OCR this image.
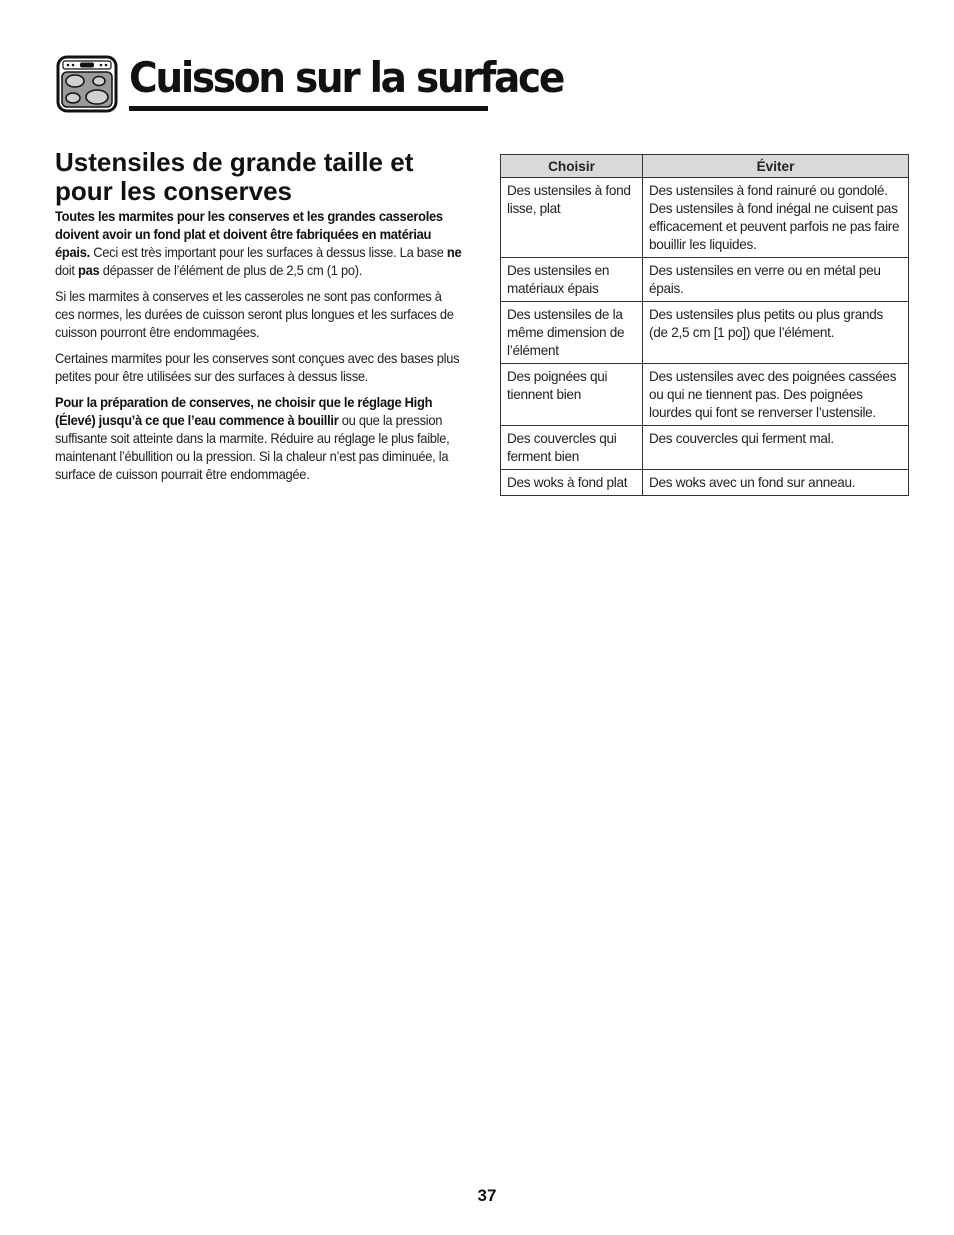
Cuisson sur la surface
Ustensiles de grande taille et pour les conserves

Toutes les marmites pour les conserves et les grandes casseroles doivent avoir un fond plat et doivent être fabriquées en matériau épais. Ceci est très important pour les surfaces à dessus lisse. La base ne doit pas dépasser de l’élément de plus de 2,5 cm (1 po).

Si les marmites à conserves et les casseroles ne sont pas conformes à ces normes, les durées de cuisson seront plus longues et les surfaces de cuisson pourront être endommagées.

Certaines marmites pour les conserves sont conçues avec des bases plus petites pour être utilisées sur des surfaces à dessus lisse.

Pour la préparation de conserves, ne choisir que le réglage High (Élevé) jusqu’à ce que l’eau commence à bouillir ou que la pression suffisante soit atteinte dans la marmite. Réduire au réglage le plus faible, maintenant l’ébullition ou la pression. Si la chaleur n’est pas diminuée, la surface de cuisson pourrait être endommagée.

Choisir	Éviter
Des ustensiles à fond lisse, plat	Des ustensiles à fond rainuré ou gondolé. Des ustensiles à fond inégal ne cuisent pas efficacement et peuvent parfois ne pas faire bouillir les liquides.
Des ustensiles en matériaux épais	Des ustensiles en verre ou en métal peu épais.
Des ustensiles de la même dimension de l’élément	Des ustensiles plus petits ou plus grands (de 2,5 cm [1 po]) que l’élément.
Des poignées qui tiennent bien	Des ustensiles avec des poignées cassées ou qui ne tiennent pas. Des poignées lourdes qui font se renverser l’ustensile.
Des couvercles qui ferment bien	Des couvercles qui ferment mal.
Des woks à fond plat	Des woks avec un fond sur anneau.
37
